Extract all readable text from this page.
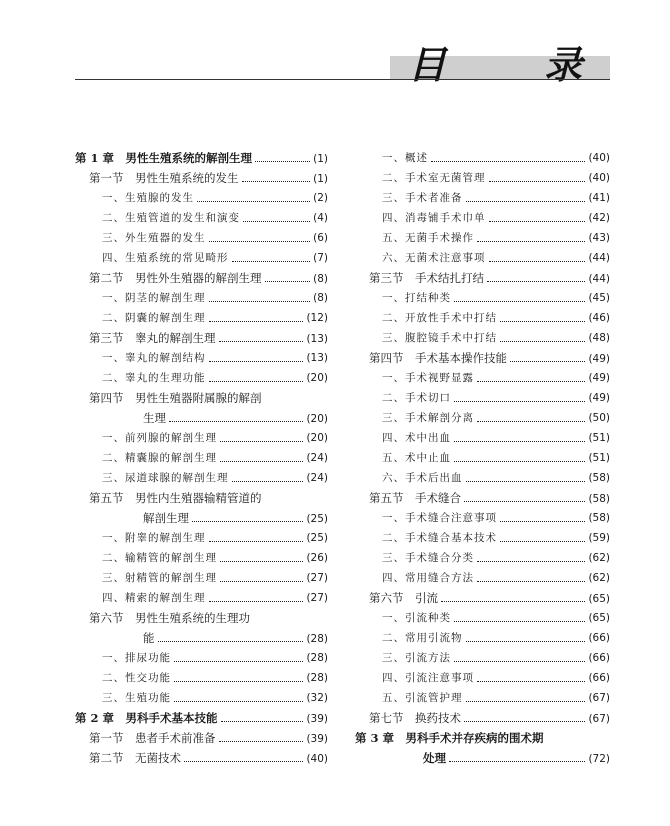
目　录
第 1 章　男性生殖系统的解剖生理	(1)
第一节　男性生殖系统的发生	(1)
一、生殖腺的发生	(2)
二、生殖管道的发生和演变	(4)
三、外生殖器的发生	(6)
四、生殖系统的常见畸形	(7)
第二节　男性外生殖器的解剖生理	(8)
一、阴茎的解剖生理	(8)
二、阴囊的解剖生理	(12)
第三节　睾丸的解剖生理	(13)
一、睾丸的解剖结构	(13)
二、睾丸的生理功能	(20)
第四节　男性生殖器附属腺的解剖
生理	(20)
一、前列腺的解剖生理	(20)
二、精囊腺的解剖生理	(24)
三、尿道球腺的解剖生理	(24)
第五节　男性内生殖器输精管道的
解剖生理	(25)
一、附睾的解剖生理	(25)
二、输精管的解剖生理	(26)
三、射精管的解剖生理	(27)
四、精索的解剖生理	(27)
第六节　男性生殖系统的生理功
能	(28)
一、排尿功能	(28)
二、性交功能	(28)
三、生殖功能	(32)
第 2 章　男科手术基本技能	(39)
第一节　患者手术前准备	(39)
第二节　无菌技术	(40)
一、概述	(40)
二、手术室无菌管理	(40)
三、手术者准备	(41)
四、消毒铺手术巾单	(42)
五、无菌手术操作	(43)
六、无菌术注意事项	(44)
第三节　手术结扎打结	(44)
一、打结种类	(45)
二、开放性手术中打结	(46)
三、腹腔镜手术中打结	(48)
第四节　手术基本操作技能	(49)
一、手术视野显露	(49)
二、手术切口	(49)
三、手术解剖分离	(50)
四、术中出血	(51)
五、术中止血	(51)
六、手术后出血	(58)
第五节　手术缝合	(58)
一、手术缝合注意事项	(58)
二、手术缝合基本技术	(59)
三、手术缝合分类	(62)
四、常用缝合方法	(62)
第六节　引流	(65)
一、引流种类	(65)
二、常用引流物	(66)
三、引流方法	(66)
四、引流注意事项	(66)
五、引流管护理	(67)
第七节　换药技术	(67)
第 3 章　男科手术并存疾病的围术期
处理	(72)
